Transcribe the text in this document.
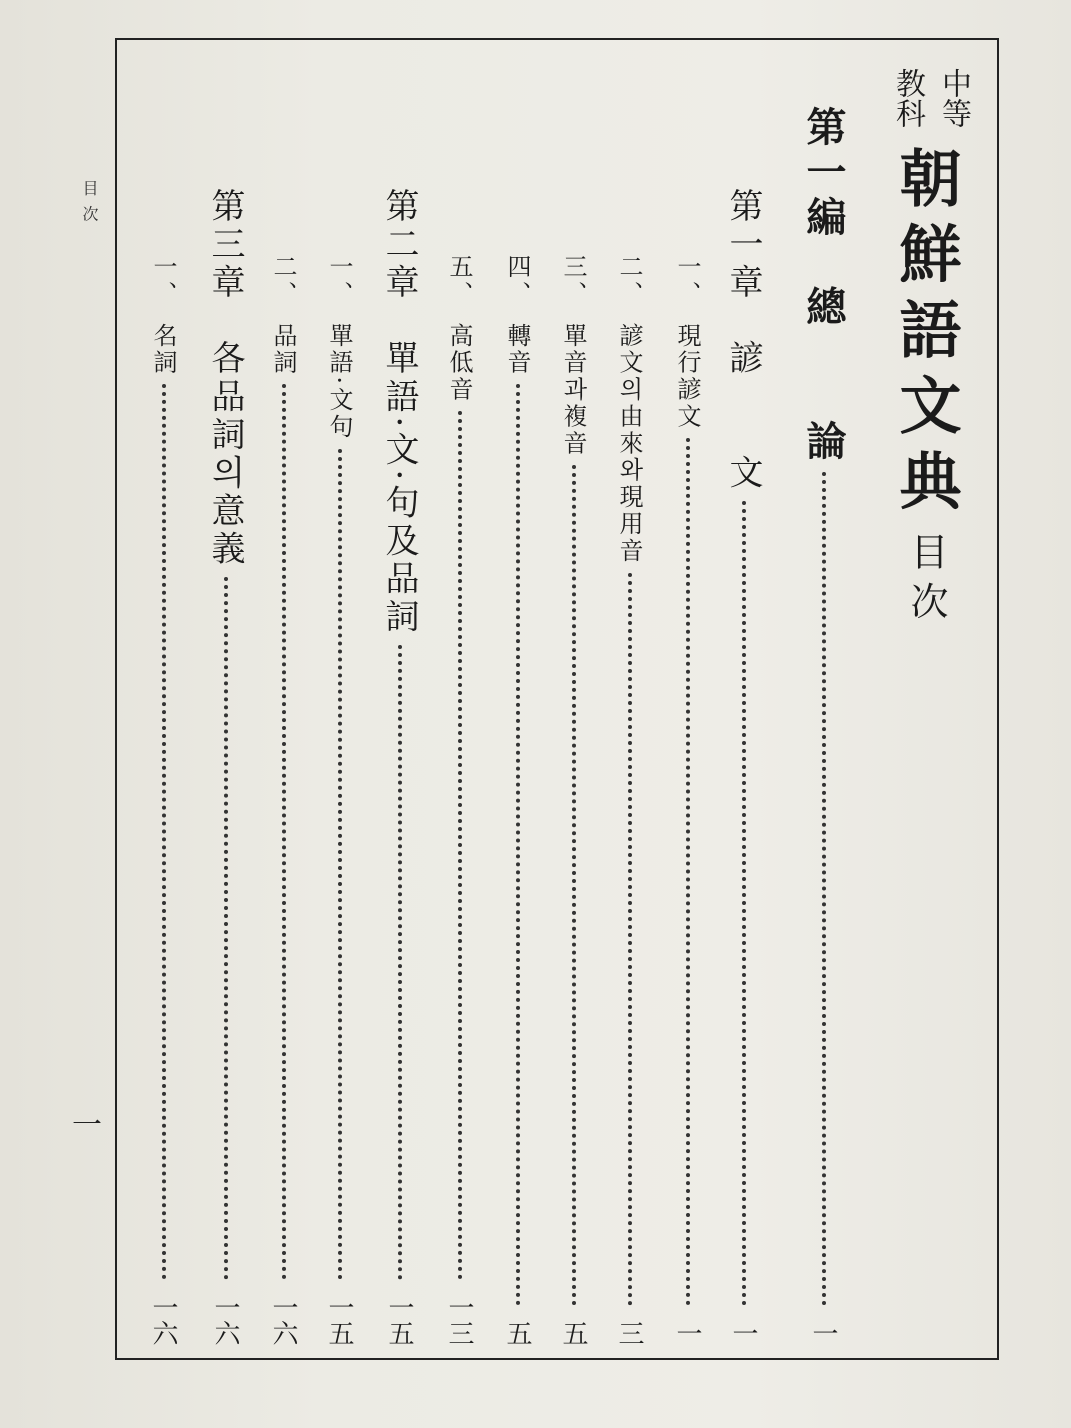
目次
一
中等
教科
朝鮮語文典
目次
第一編　總　　論
一
第一章　諺　　文
一
一、　現行諺文
一
二、　諺文의由來와現用音
三
三、　單音과複音
五
四、　轉音
五
五、　高低音
一三
第二章　單語·文·句及品詞
一五
一、　單語·文句
一五
二、　品詞
一六
第三章　各品詞의意義
一六
一、　名詞
一六
